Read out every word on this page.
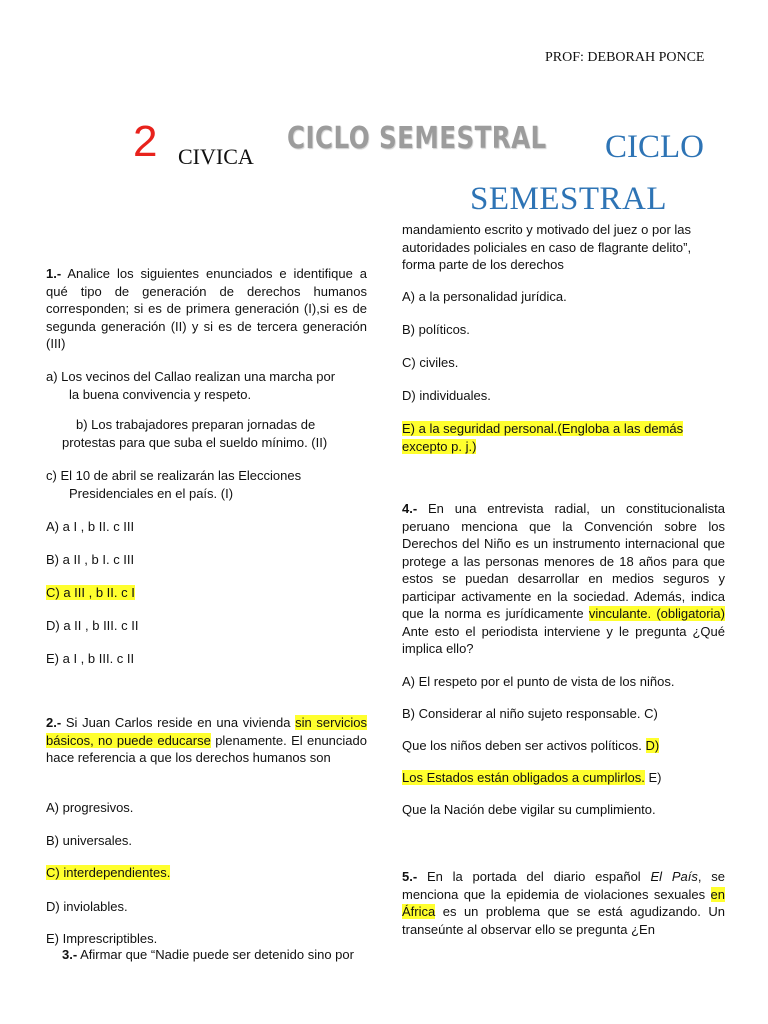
PROF: DEBORAH PONCE
2 CIVICA
CICLO SEMESTRAL CICLO
SEMESTRAL
1.- Analice los siguientes enunciados e identifique a qué tipo de generación de derechos humanos corresponden; si es de primera generación (I),si es de segunda generación (II) y si es de tercera generación (III)

a) Los vecinos del Callao realizan una marcha por

la buena convivencia y respeto.

b) Los trabajadores preparan jornadas de

protestas para que suba el sueldo mínimo. (II)

c) El 10 de abril se realizarán las Elecciones

Presidenciales en el país. (I)

A) a I , b II. c III
B) a II , b I. c III
C) a III , b II. c I
D) a II , b III. c II
E) a I , b III. c II
2.- Si Juan Carlos reside en una vivienda sin servicios básicos, no puede educarse plenamente. El enunciado hace referencia a que los derechos humanos son
A) progresivos.
B) universales.
C) interdependientes.
D) inviolables.
E) Imprescriptibles.
3.- Afirmar que “Nadie puede ser detenido sino por
mandamiento escrito y motivado del juez o por las autoridades policiales en caso de flagrante delito”, forma parte de los derechos
A) a la personalidad jurídica.
B) políticos.
C) civiles.
D) individuales.

E) a la seguridad personal.(Engloba a las demás

excepto p. j.)

4.- En una entrevista radial, un constitucionalista peruano menciona que la Convención sobre los Derechos del Niño es un instrumento internacional que protege a las personas menores de 18 años para que estos se puedan desarrollar en medios seguros y participar activamente en la sociedad. Además, indica que la norma es jurídicamente vinculante. (obligatoria) Ante esto el periodista interviene y le pregunta ¿Qué implica ello?
A) El respeto por el punto de vista de los niños.
B) Considerar al niño sujeto responsable. C)
Que los niños deben ser activos políticos. D)
Los Estados están obligados a cumplirlos. E)
Que la Nación debe vigilar su cumplimiento.
5.- En la portada del diario español El País, se menciona que la epidemia de violaciones sexuales en África es un problema que se está agudizando. Un transeúnte al observar ello se pregunta ¿En
